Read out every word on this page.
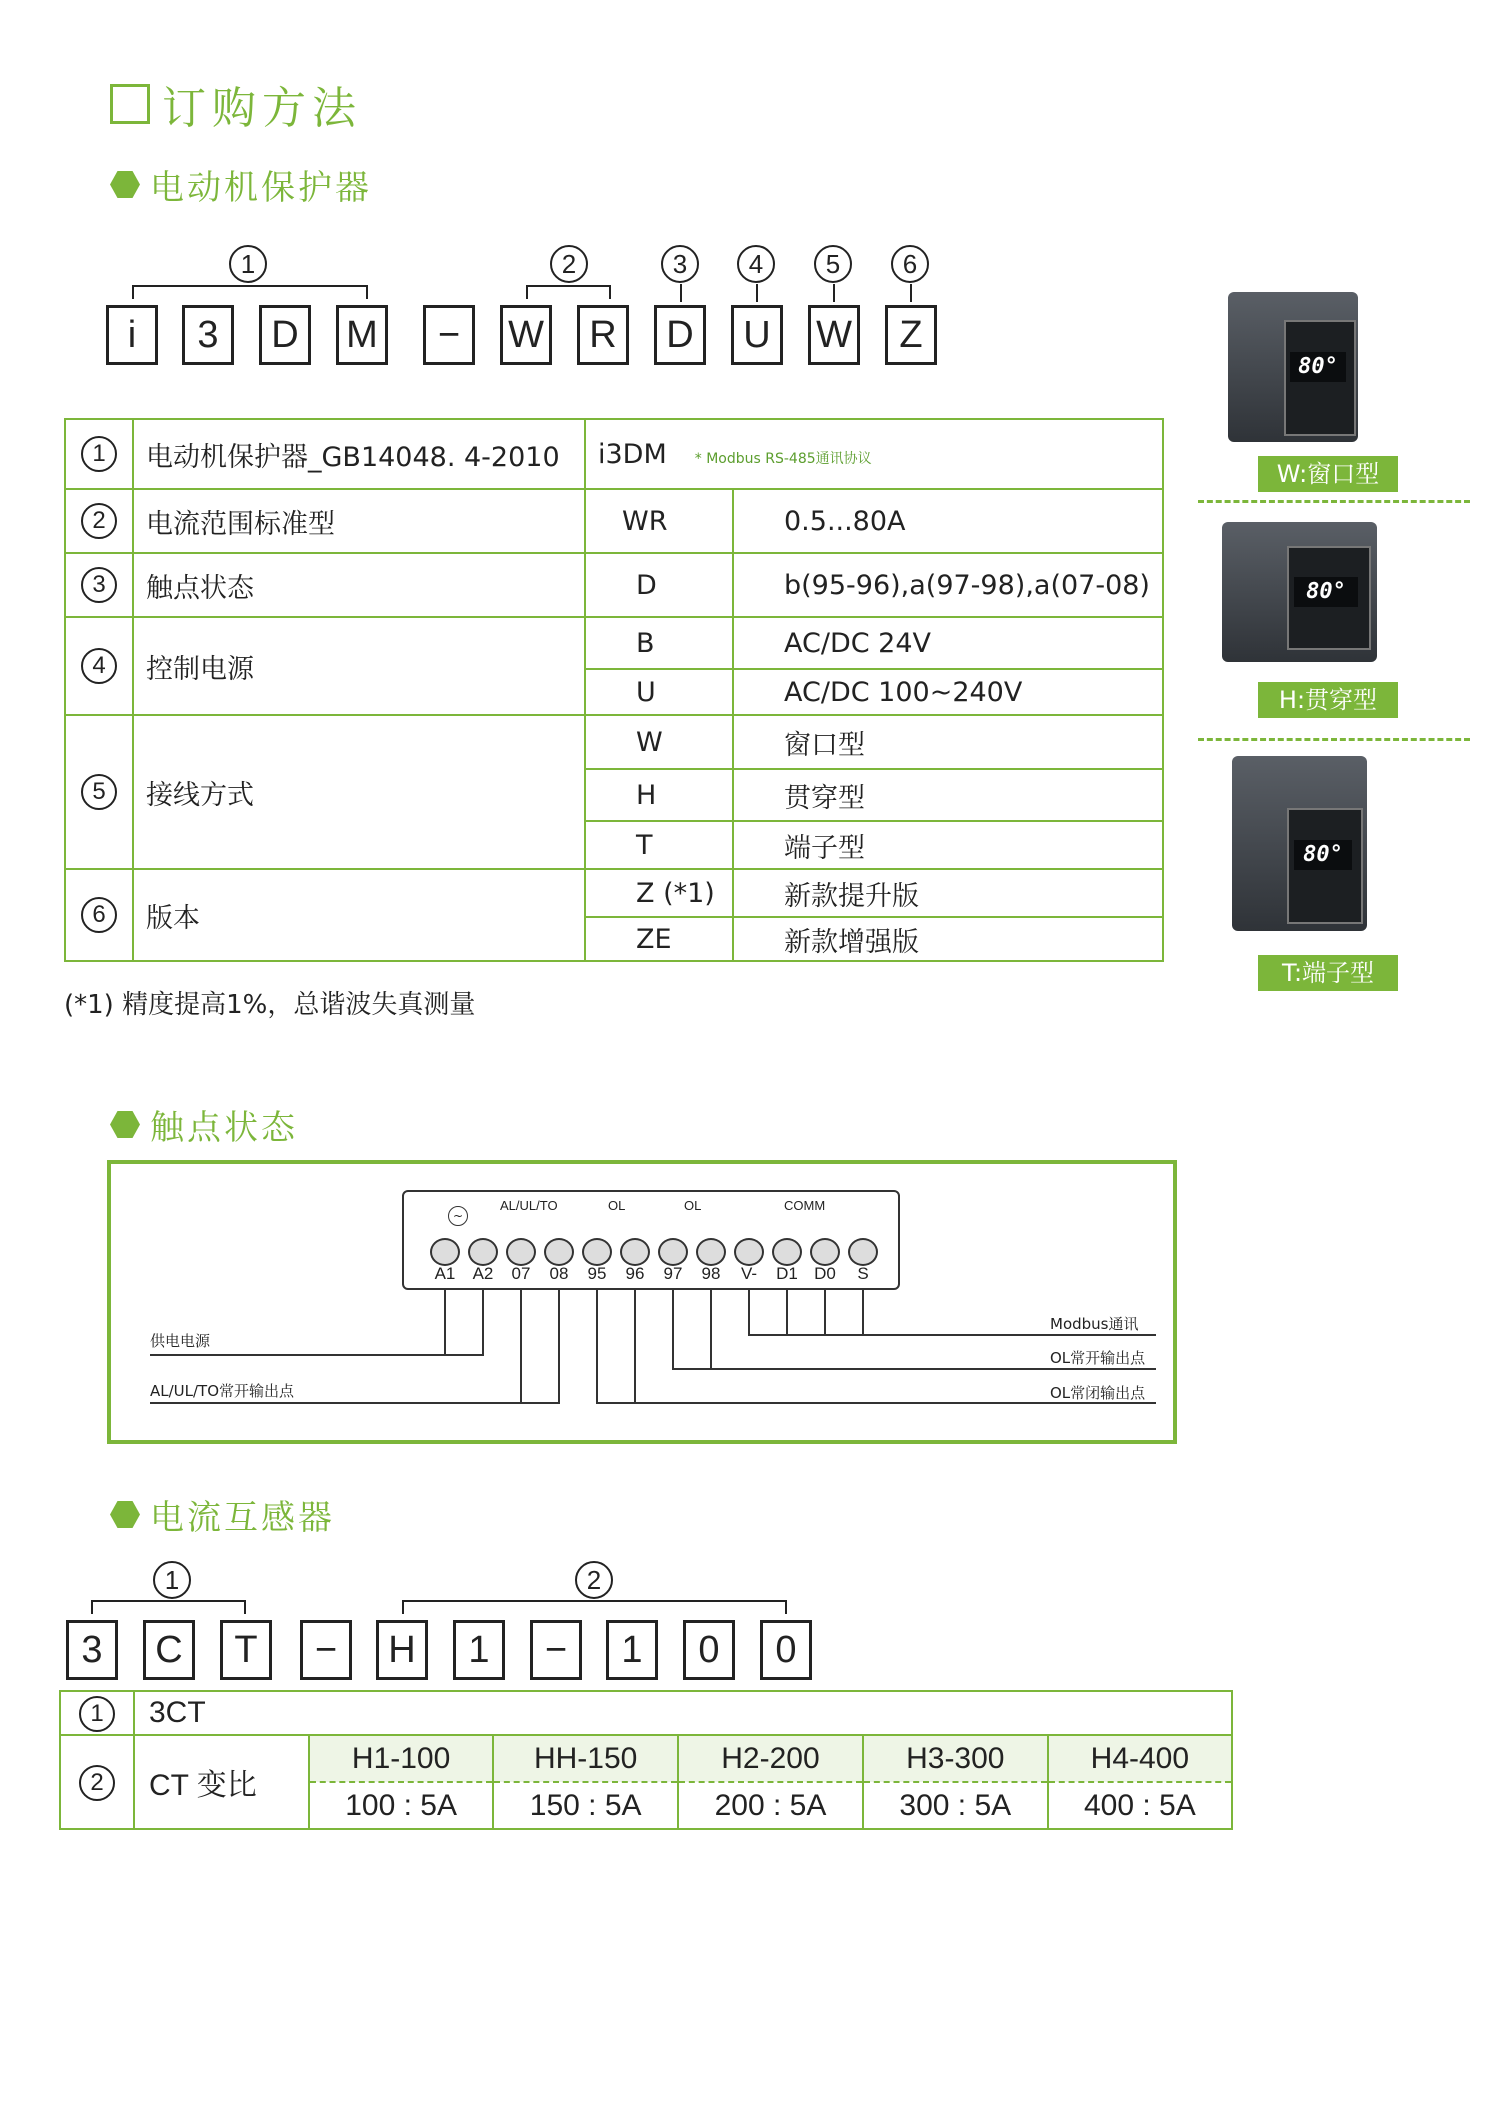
订购方法
电动机保护器
1	2	3	4	5	6
i	3	D	M	−	W	R	D	U	W	Z
1	电动机保护器_GB14048. 4-2010	i3DM * Modbus RS-485通讯协议	
2	电流范围标准型	WR	0.5...80A
3	触点状态	D	b(95-96),a(97-98),a(07-08)
4	控制电源	B	AC/DC 24V
		U	AC/DC 100~240V
5	接线方式	W	窗口型
		H	贯穿型
		T	端子型
6	版本	Z (*1)	新款提升版
		ZE	新款增强版
(*1) 精度提高1%，总谐波失真测量
80°
W:窗口型
80°
H:贯穿型
80°
T:端子型
触点状态
~
AL/UL/TO	OL	OL	COMM
A1 A2	07	08	95	96	97	98	V-	D1 D0	S
供电电源
AL/UL/TO常开输出点
Modbus通讯
OL常开输出点
OL常闭输出点
电流互感器
1	2
3	C	T	−	H	1	−	1	0	0
1	3CT
2	CT 变比	
H1-100	HH-150	H2-200	H3-300	H4-400
100 : 5A	150 : 5A	200 : 5A	300 : 5A	400 : 5A
